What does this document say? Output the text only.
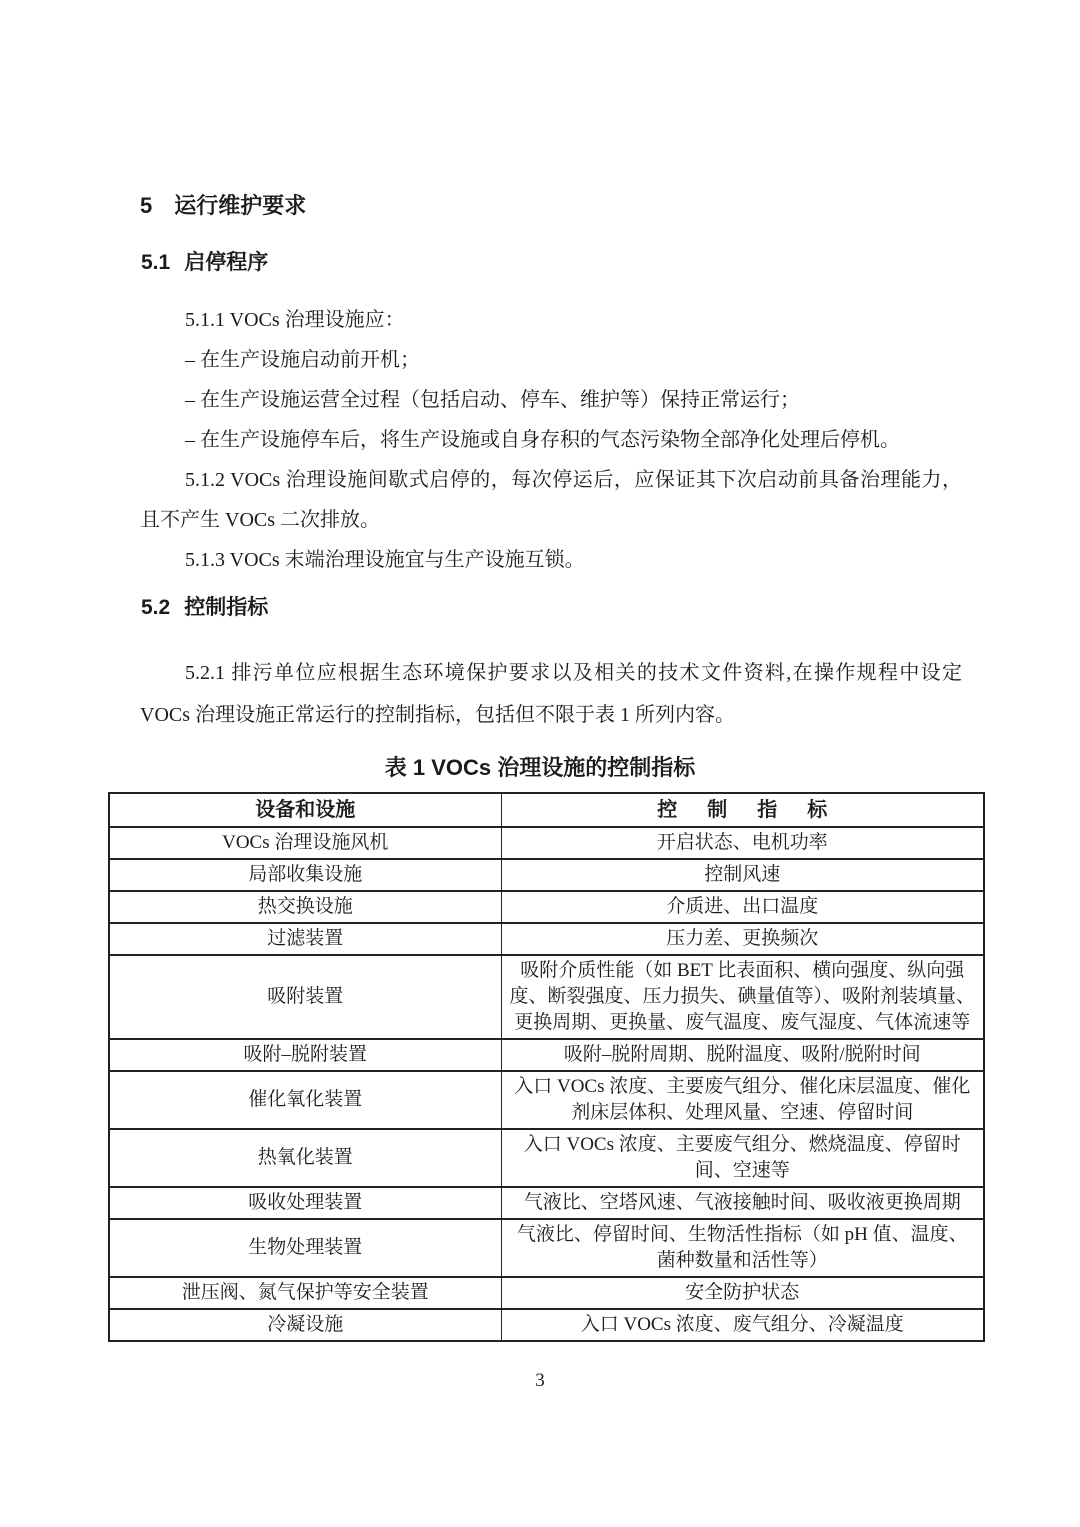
5 运行维护要求
5.1 启停程序
5.1.1 VOCs 治理设施应：
– 在生产设施启动前开机；
– 在生产设施运营全过程（包括启动、停车、维护等）保持正常运行；
– 在生产设施停车后，将生产设施或自身存积的气态污染物全部净化处理后停机。
5.1.2 VOCs 治理设施间歇式启停的，每次停运后，应保证其下次启动前具备治理能力，且不产生 VOCs 二次排放。
5.1.3 VOCs 末端治理设施宜与生产设施互锁。
5.2 控制指标
5.2.1 排污单位应根据生态环境保护要求以及相关的技术文件资料,在操作规程中设定 VOCs 治理设施正常运行的控制指标，包括但不限于表 1 所列内容。
表 1 VOCs 治理设施的控制指标
设备和设施	控制指标
VOCs 治理设施风机	开启状态、电机功率
局部收集设施	控制风速
热交换设施	介质进、出口温度
过滤装置	压力差、更换频次
吸附装置	吸附介质性能（如 BET 比表面积、横向强度、纵向强度、断裂强度、压力损失、碘量值等）、吸附剂装填量、更换周期、更换量、废气温度、废气湿度、气体流速等
吸附–脱附装置	吸附–脱附周期、脱附温度、吸附/脱附时间
催化氧化装置	入口 VOCs 浓度、主要废气组分、催化床层温度、催化剂床层体积、处理风量、空速、停留时间
热氧化装置	入口 VOCs 浓度、主要废气组分、燃烧温度、停留时间、空速等
吸收处理装置	气液比、空塔风速、气液接触时间、吸收液更换周期
生物处理装置	气液比、停留时间、生物活性指标（如 pH 值、温度、菌种数量和活性等）
泄压阀、氮气保护等安全装置	安全防护状态
冷凝设施	入口 VOCs 浓度、废气组分、冷凝温度
3
